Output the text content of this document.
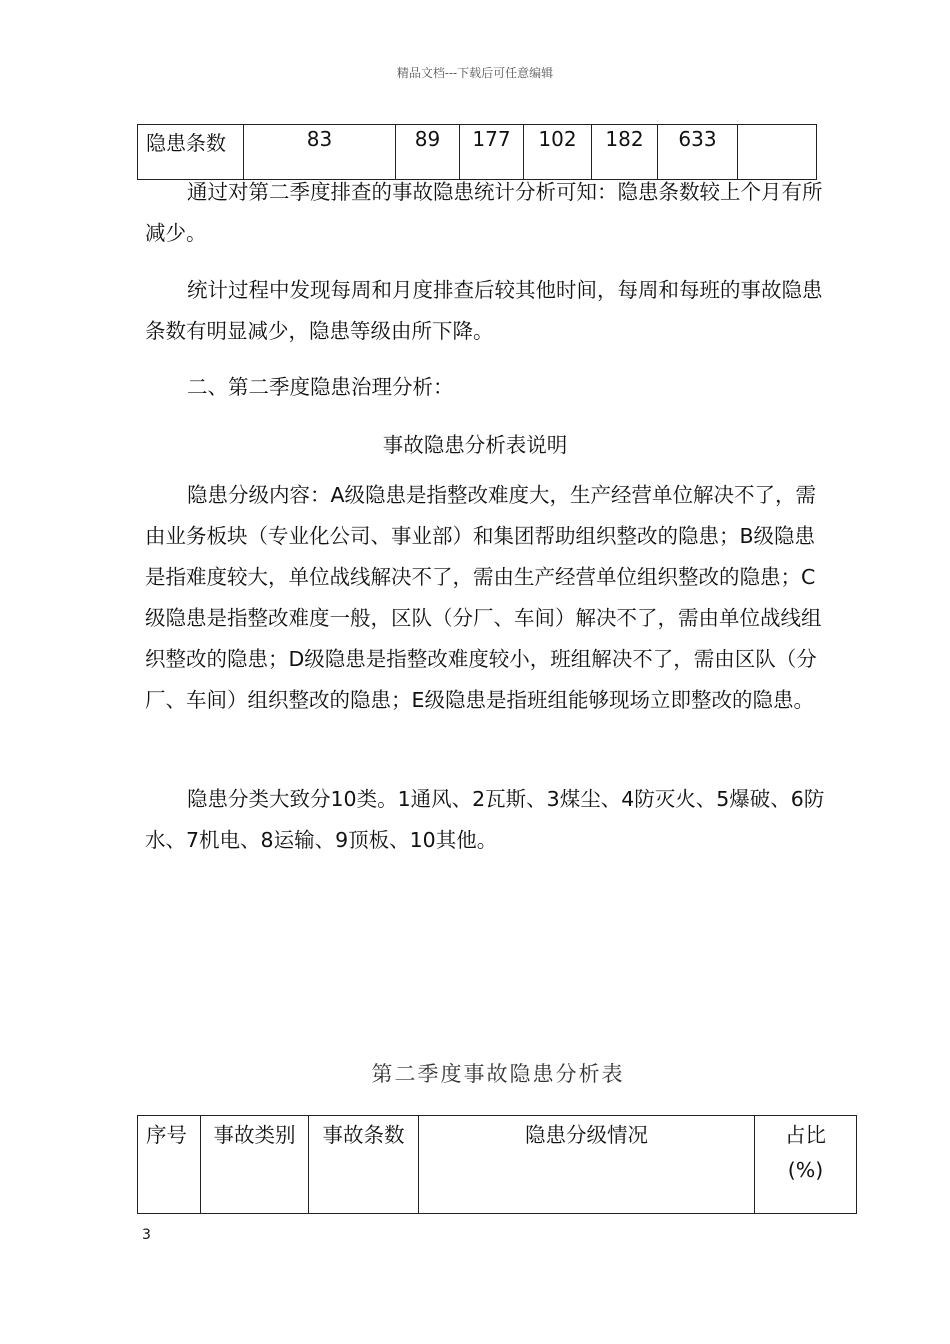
精品文档---下载后可任意编辑
隐患条数	83	89	177	102	182	633	

通过对第二季度排查的事故隐患统计分析可知：隐患条数较上个月有所减少。

统计过程中发现每周和月度排查后较其他时间，每周和每班的事故隐患条数有明显减少，隐患等级由所下降。

二、第二季度隐患治理分析：

事故隐患分析表说明

隐患分级内容：A级隐患是指整改难度大，生产经营单位解决不了，需由业务板块（专业化公司、事业部）和集团帮助组织整改的隐患；B级隐患是指难度较大，单位战线解决不了，需由生产经营单位组织整改的隐患；C级隐患是指整改难度一般，区队（分厂、车间）解决不了，需由单位战线组织整改的隐患；D级隐患是指整改难度较小，班组解决不了，需由区队（分厂、车间）组织整改的隐患；E级隐患是指班组能够现场立即整改的隐患。

隐患分类大致分10类。1通风、2瓦斯、3煤尘、4防灭火、5爆破、6防水、7机电、8运输、9顶板、10其他。

第二季度事故隐患分析表
序号	事故类别	事故条数	隐患分级情况	占比
(%)
3
